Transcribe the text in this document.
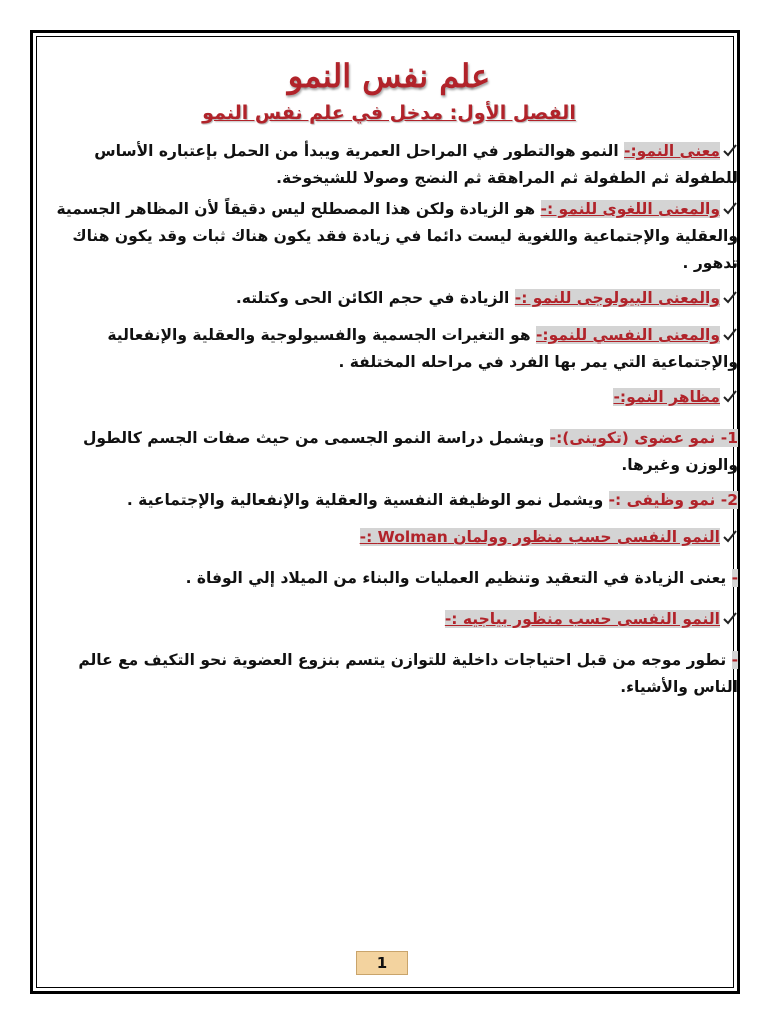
علم نفس النمو
الفصل الأول: مدخل في علم نفس النمو
معنى النمو:- النمو هوالتطور في المراحل العمرية ويبدأ من الحمل بإعتباره الأساس للطفولة ثم الطفولة ثم المراهقة ثم النضج وصولا للشيخوخة.
والمعنى اللغوى للنمو :- هو الزيادة ولكن هذا المصطلح ليس دقيقاً لأن المظاهر الجسمية والعقلية والإجتماعية واللغوية ليست دائما في زيادة فقد يكون هناك ثبات وقد يكون هناك تدهور .
والمعنى البيولوجى للنمو :- الزيادة في حجم الكائن الحى وكتلته.
والمعنى النفسي للنمو:- هو التغيرات الجسمية والفسيولوجية والعقلية والإنفعالية والإجتماعية التي يمر بها الفرد في مراحله المختلفة .
مظاهر النمو:-
1- نمو عضوى (تكوينى):- ويشمل دراسة النمو الجسمى من حيث صفات الجسم كالطول والوزن وغيرها.
2- نمو وظيفى :- ويشمل نمو الوظيفة النفسية والعقلية والإنفعالية والإجتماعية .
النمو النفسى حسب منظور وولمان Wolman :-
- يعنى الزيادة في التعقيد وتنظيم العمليات والبناء من الميلاد إلي الوفاة .
النمو النفسى حسب منظور بياجيه :-
- تطور موجه من قبل احتياجات داخلية للتوازن يتسم بنزوع العضوية نحو التكيف مع عالم الناس والأشياء.
1
